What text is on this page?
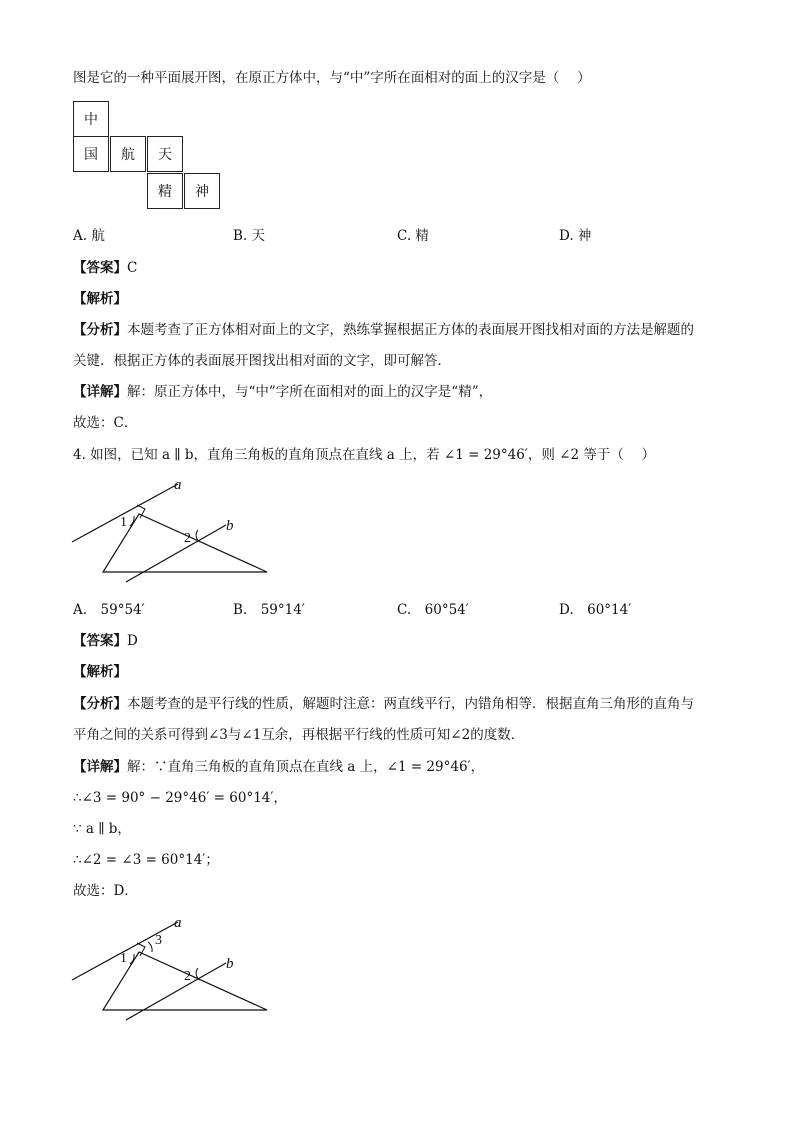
图是它的一种平面展开图，在原正方体中，与“中”字所在面相对的面上的汉字是（　 ）
中
国	航	天
精	神
A. 航	B. 天	C. 精	D. 神
【答案】C
【解析】
【分析】本题考查了正方体相对面上的文字，熟练掌握根据正方体的表面展开图找相对面的方法是解题的
关键．根据正方体的表面展开图找出相对面的文字，即可解答．
【详解】解：原正方体中，与“中”字所在面相对的面上的汉字是“精”，
故选：C．
4. 如图，已知 a ∥ b，直角三角板的直角顶点在直线 a 上，若 ∠1 = 29°46′，则 ∠2 等于（　 ）
a
b
1
2
A.　59°54′	B.　59°14′	C.　60°54′	D.　60°14′
【答案】D
【解析】
【分析】本题考查的是平行线的性质，解题时注意：两直线平行，内错角相等．根据直角三角形的直角与
平角之间的关系可得到∠3与∠1互余，再根据平行线的性质可知∠2的度数．
【详解】解：∵直角三角板的直角顶点在直线 a 上，∠1 = 29°46′，
∴∠3 = 90° − 29°46′ = 60°14′，
∵ a ∥ b，
∴∠2 = ∠3 = 60°14′；
故选：D．
a
b
1
2
3
